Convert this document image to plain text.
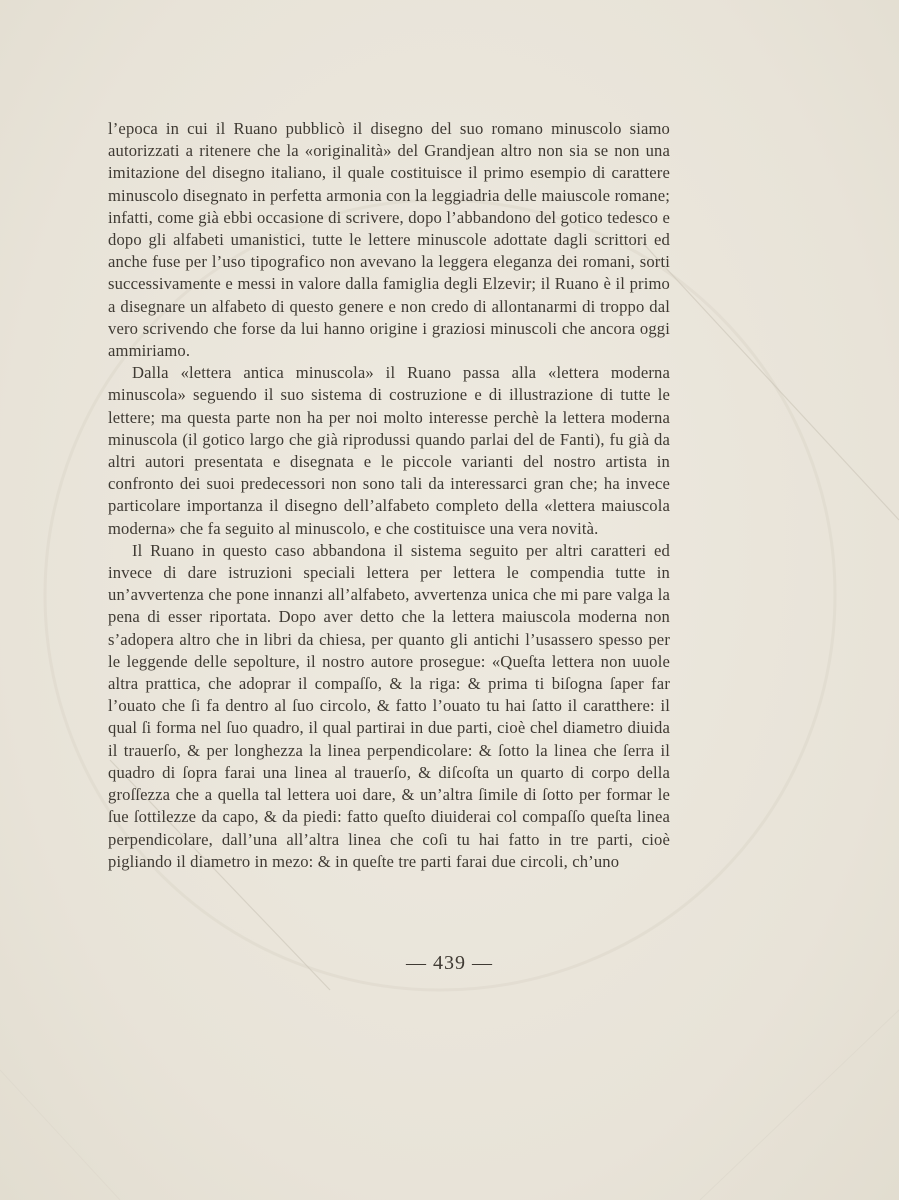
l’epoca in cui il Ruano pubblicò il disegno del suo romano minuscolo siamo autorizzati a ritenere che la «originalità» del Grandjean altro non sia se non una imitazione del disegno italiano, il quale costituisce il primo esempio di carattere minuscolo disegnato in perfetta armonia con la leggiadria delle maiuscole romane; infatti, come già ebbi occasione di scrivere, dopo l’abbandono del gotico tedesco e dopo gli alfabeti umanistici, tutte le lettere minuscole adottate dagli scrittori ed anche fuse per l’uso tipografico non avevano la leggera eleganza dei romani, sorti successivamente e messi in valore dalla famiglia degli Elzevir; il Ruano è il primo a disegnare un alfabeto di questo genere e non credo di allontanarmi di troppo dal vero scrivendo che forse da lui hanno origine i graziosi minuscoli che ancora oggi ammiriamo.

Dalla «lettera antica minuscola» il Ruano passa alla «lettera moderna minuscola» seguendo il suo sistema di costruzione e di illustrazione di tutte le lettere; ma questa parte non ha per noi molto interesse perchè la lettera moderna minuscola (il gotico largo che già riprodussi quando parlai del de Fanti), fu già da altri autori presentata e disegnata e le piccole varianti del nostro artista in confronto dei suoi predecessori non sono tali da interessarci gran che; ha invece particolare importanza il disegno dell’alfabeto completo della «lettera maiuscola moderna» che fa seguito al minuscolo, e che costituisce una vera novità.

Il Ruano in questo caso abbandona il sistema seguito per altri caratteri ed invece di dare istruzioni speciali lettera per lettera le compendia tutte in un’avvertenza che pone innanzi all’alfabeto, avvertenza unica che mi pare valga la pena di esser riportata. Dopo aver detto che la lettera maiuscola moderna non s’adopera altro che in libri da chiesa, per quanto gli antichi l’usassero spesso per le leggende delle sepolture, il nostro autore prosegue: «Queſta lettera non uuole altra prattica, che adoprar il compaſſo, & la riga: & prima ti biſogna ſaper far l’ouato che ſi fa dentro al ſuo circolo, & fatto l’ouato tu hai ſatto il caratthere: il qual ſi forma nel ſuo quadro, il qual partirai in due parti, cioè chel diametro diuida il trauerſo, & per longhezza la linea perpendicolare: & ſotto la linea che ſerra il quadro di ſopra farai una linea al trauerſo, & diſcoſta un quarto di corpo della groſſezza che a quella tal lettera uoi dare, & un’altra ſimile di ſotto per formar le ſue ſottilezze da capo, & da piedi: fatto queſto diuiderai col compaſſo queſta linea perpendicolare, dall’una all’altra linea che coſi tu hai fatto in tre parti, cioè pigliando il diametro in mezo: & in queſte tre parti farai due circoli, ch’uno

— 439 —
